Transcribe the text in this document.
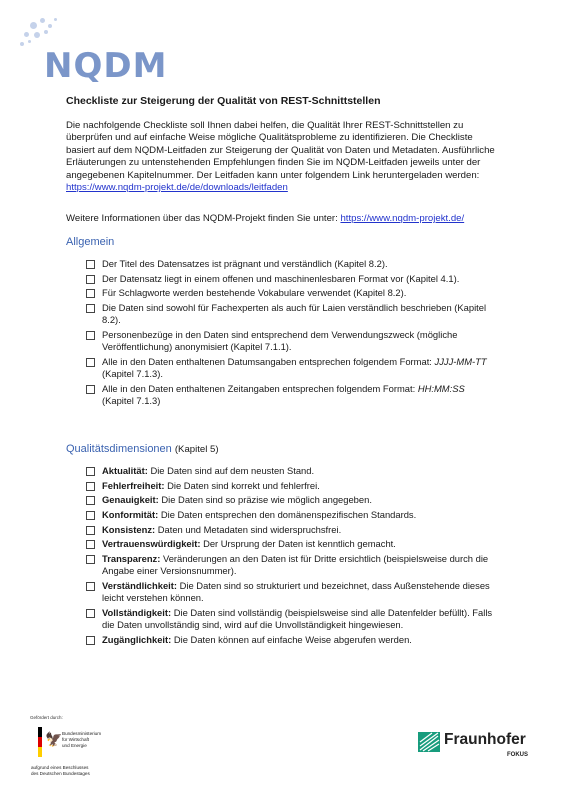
NQDM
Checkliste zur Steigerung der Qualität von REST-Schnittstellen
Die nachfolgende Checkliste soll Ihnen dabei helfen, die Qualität Ihrer REST-Schnittstellen zu überprüfen und auf einfache Weise mögliche Qualitätsprobleme zu identifizieren. Die Checkliste basiert auf dem NQDM-Leitfaden zur Steigerung der Qualität von Daten und Metadaten. Ausführliche Erläuterungen zu untenstehenden Empfehlungen finden Sie im NQDM-Leitfaden jeweils unter der angegebenen Kapitelnummer. Der Leitfaden kann unter folgendem Link heruntergeladen werden: https://www.nqdm-projekt.de/de/downloads/leitfaden
Weitere Informationen über das NQDM-Projekt finden Sie unter: https://www.nqdm-projekt.de/
Allgemein
Der Titel des Datensatzes ist prägnant und verständlich (Kapitel 8.2).
Der Datensatz liegt in einem offenen und maschinenlesbaren Format vor (Kapitel 4.1).
Für Schlagworte werden bestehende Vokabulare verwendet (Kapitel 8.2).
Die Daten sind sowohl für Fachexperten als auch für Laien verständlich beschrieben (Kapitel 8.2).
Personenbezüge in den Daten sind entsprechend dem Verwendungszweck (mögliche Veröffentlichung) anonymisiert (Kapitel 7.1.1).
Alle in den Daten enthaltenen Datumsangaben entsprechen folgendem Format: JJJJ-MM-TT
(Kapitel 7.1.3).
Alle in den Daten enthaltenen Zeitangaben entsprechen folgendem Format: HH:MM:SS
(Kapitel 7.1.3)
Qualitätsdimensionen (Kapitel 5)
Aktualität: Die Daten sind auf dem neusten Stand.
Fehlerfreiheit: Die Daten sind korrekt und fehlerfrei.
Genauigkeit: Die Daten sind so präzise wie möglich angegeben.
Konformität: Die Daten entsprechen den domänenspezifischen Standards.
Konsistenz: Daten und Metadaten sind widerspruchsfrei.
Vertrauenswürdigkeit: Der Ursprung der Daten ist kenntlich gemacht.
Transparenz: Veränderungen an den Daten ist für Dritte ersichtlich (beispielsweise durch die Angabe einer Versionsnummer).
Verständlichkeit: Die Daten sind so strukturiert und bezeichnet, dass Außenstehende dieses leicht verstehen können.
Vollständigkeit: Die Daten sind vollständig (beispielsweise sind alle Datenfelder befüllt). Falls die Daten unvollständig sind, wird auf die Unvollständigkeit hingewiesen.
Zugänglichkeit: Die Daten können auf einfache Weise abgerufen werden.
Gefördert durch:
🦅 Bundesministerium
für Wirtschaft
und Energie
aufgrund eines Beschlusses
des Deutschen Bundestages
Fraunhofer
FOKUS
